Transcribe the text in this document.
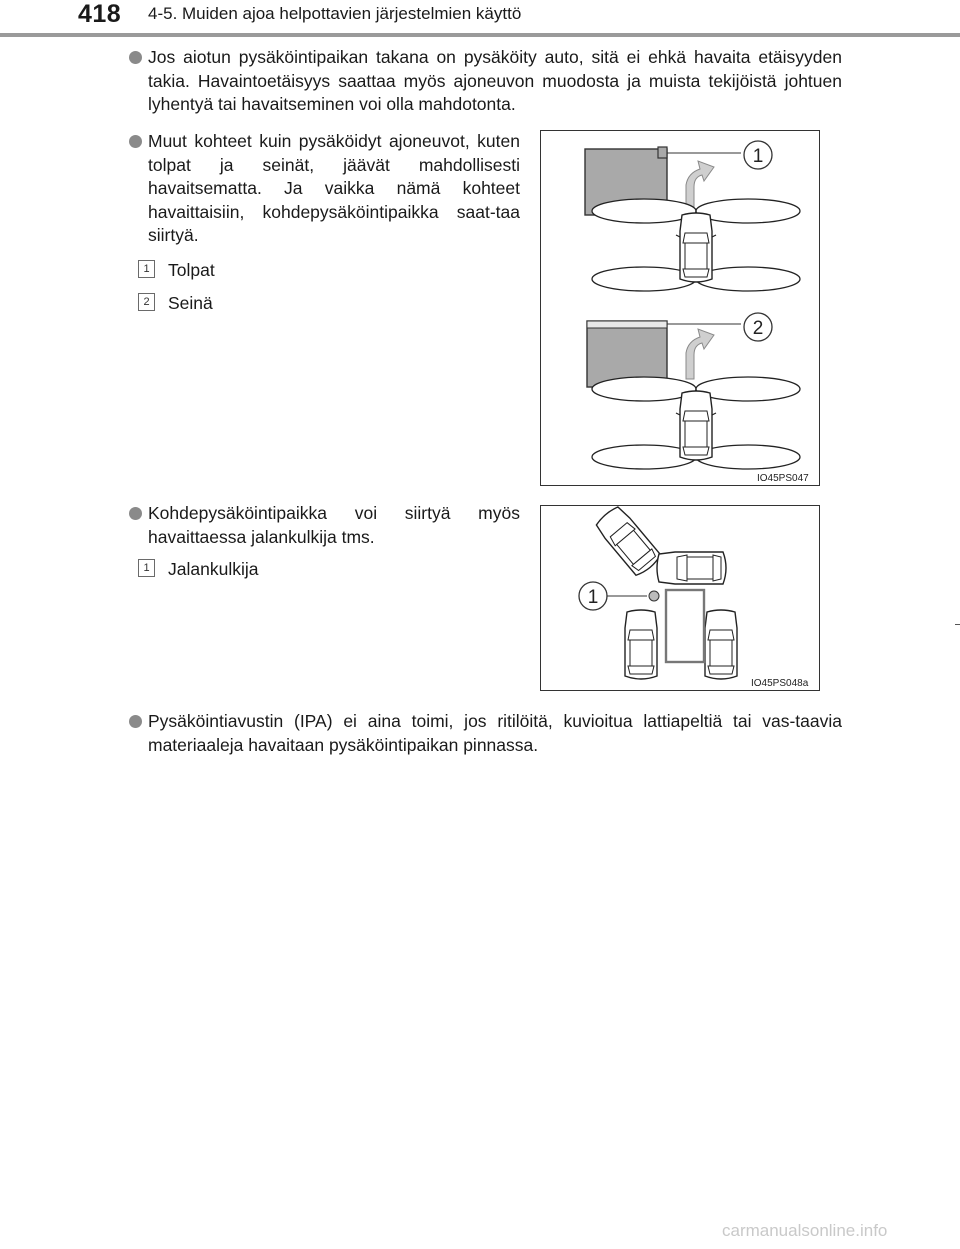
418 4-5. Muiden ajoa helpottavien järjestelmien käyttö
Jos aiotun pysäköintipaikan takana on pysäköity auto, sitä ei ehkä havaita etäisyyden takia. Havaintoetäisyys saattaa myös ajoneuvon muodosta ja muista tekijöistä johtuen lyhentyä tai havaitseminen voi olla mahdotonta.
Muut kohteet kuin pysäköidyt ajoneuvot, kuten tolpat ja seinät, jäävät mahdollisesti havaitsematta. Ja vaikka nämä kohteet havaittaisiin, kohdepysäköintipaikka saat-taa siirtyä.
1	Tolpat
2	Seinä
Kohdepysäköintipaikka voi siirtyä myös havaittaessa jalankulkija tms.
1	Jalankulkija
Pysäköintiavustin (IPA) ei aina toimi, jos ritilöitä, kuvioitua lattiapeltiä tai vas-taavia materiaaleja havaitaan pysäköintipaikan pinnassa.
1
2
IO45PS047
1
IO45PS048a
carmanualsonline.info
